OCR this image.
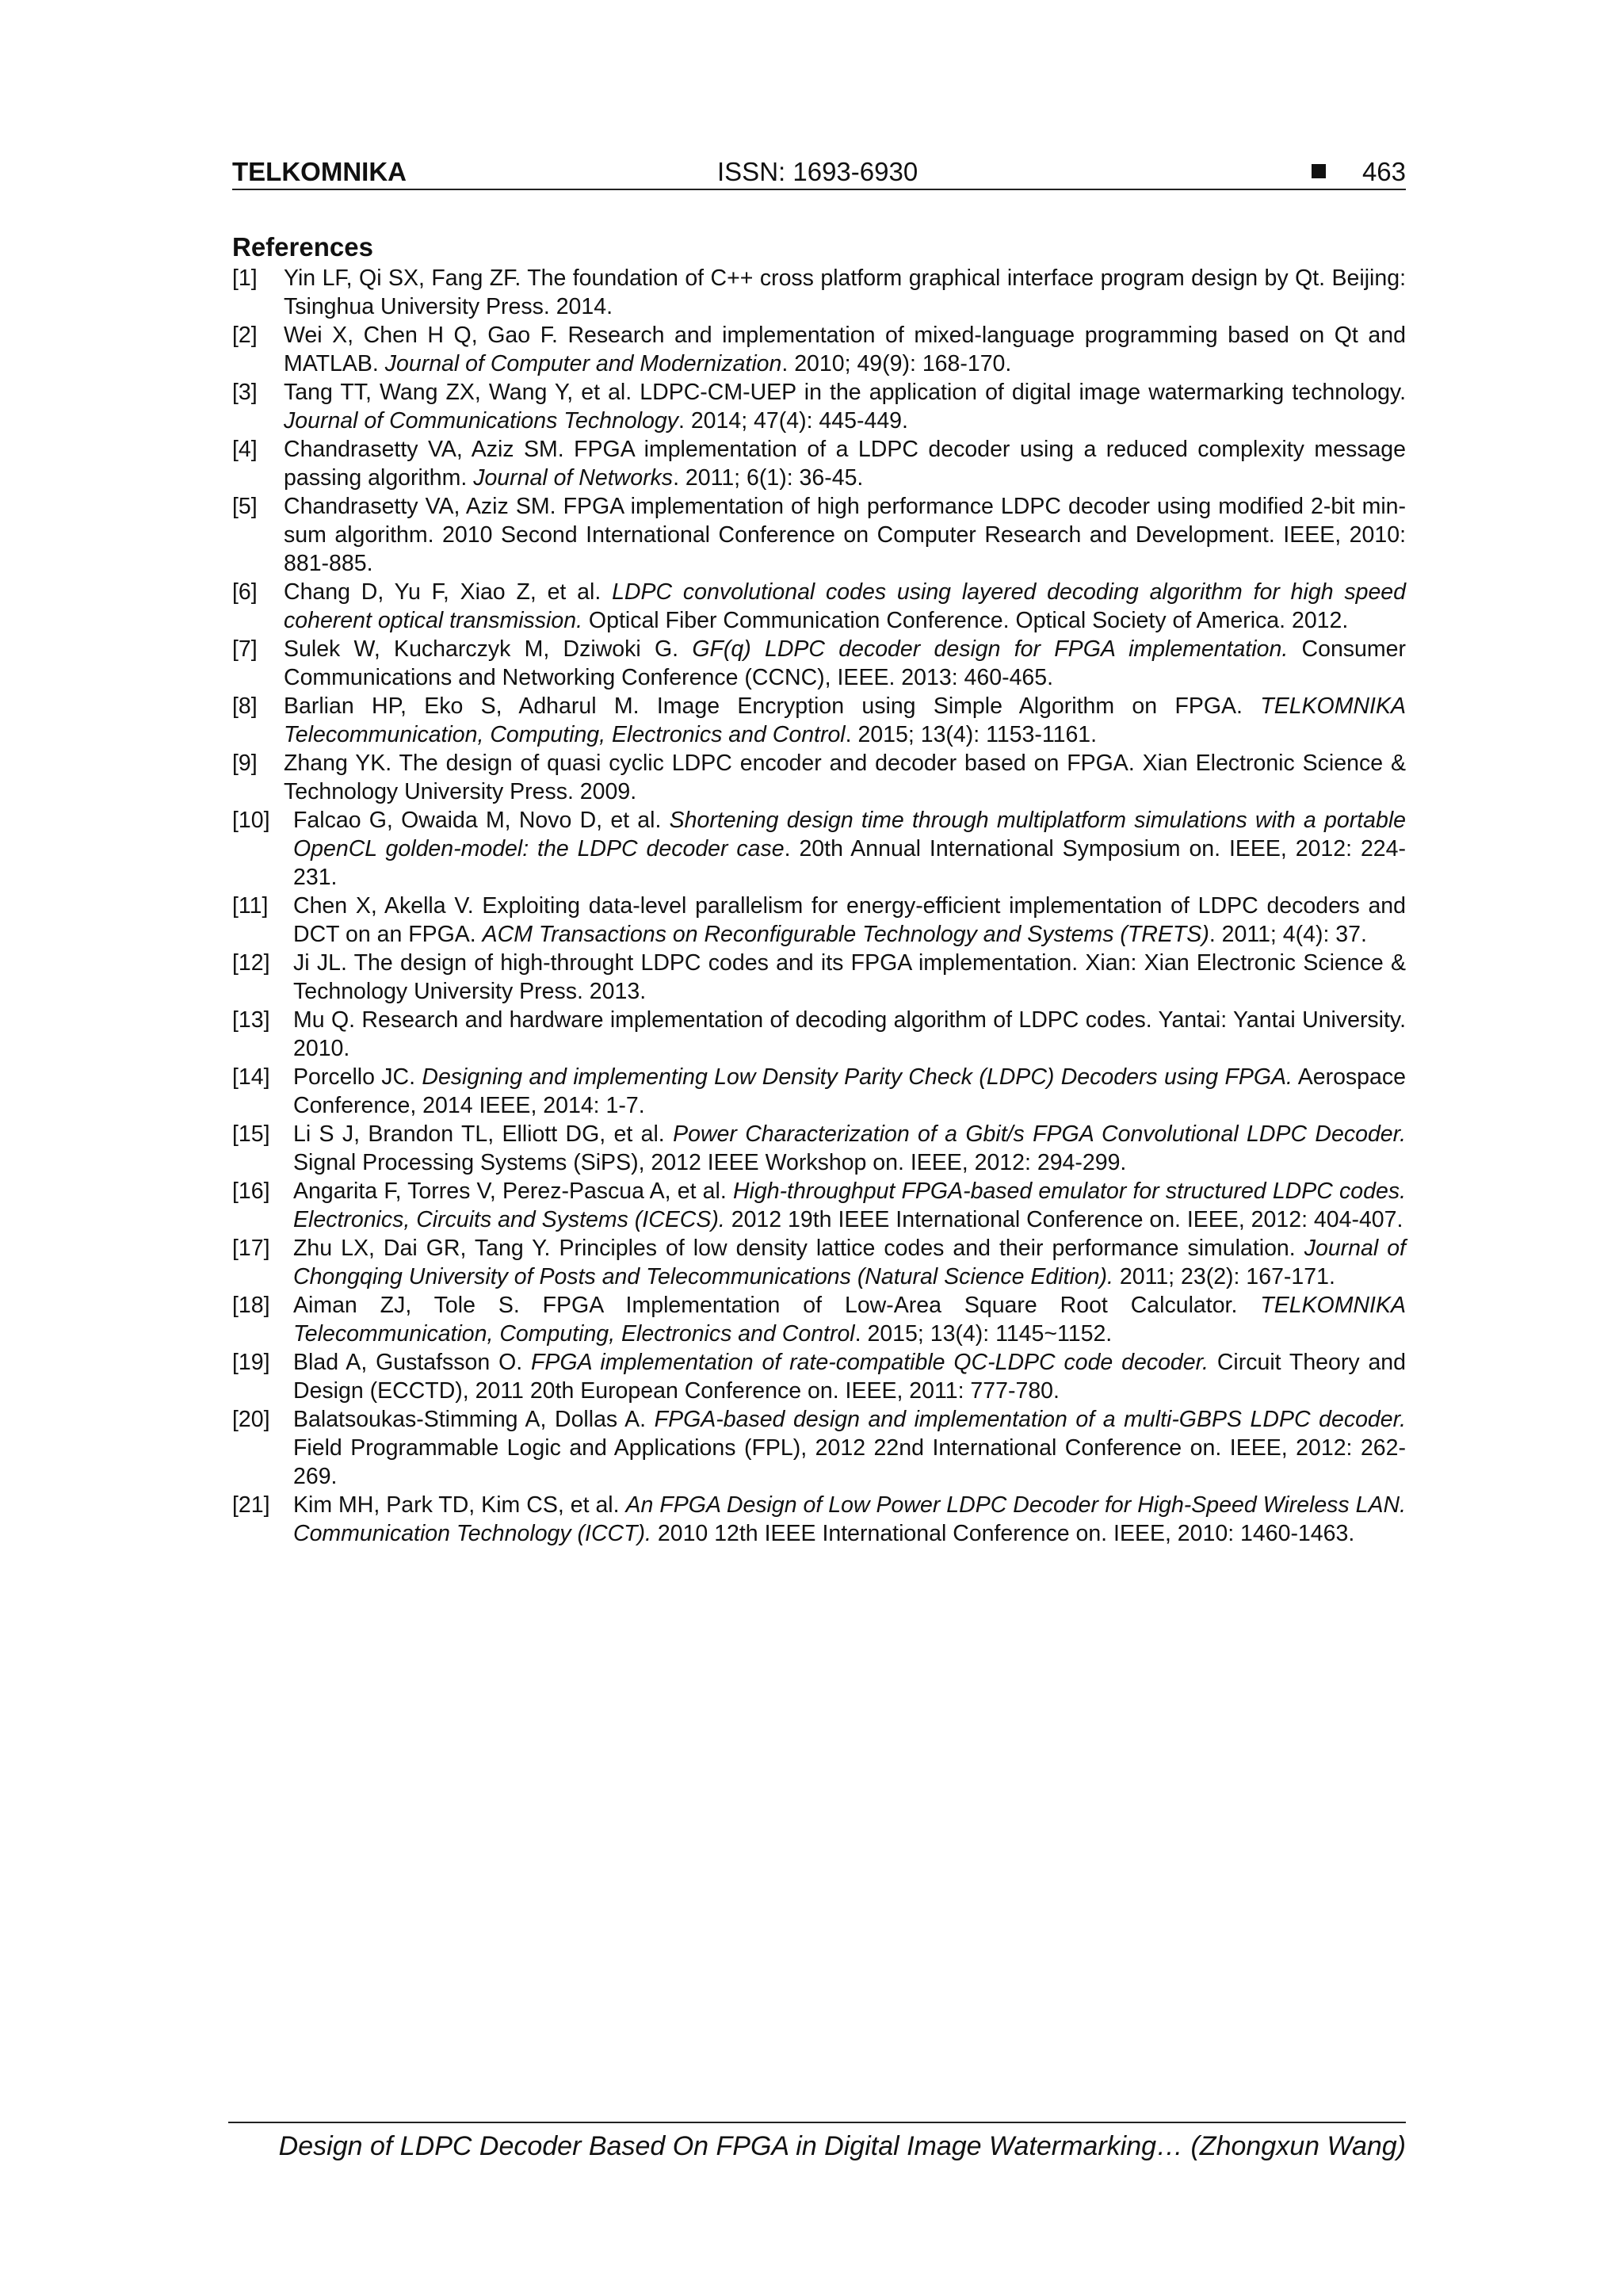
TELKOMNIKA	ISSN: 1693-6930	463
References
[1]	Yin LF, Qi SX, Fang ZF. The foundation of C++ cross platform graphical interface program design by Qt. Beijing: Tsinghua University Press. 2014.
[2]	Wei X, Chen H Q, Gao F. Research and implementation of mixed-language programming based on Qt and MATLAB. Journal of Computer and Modernization. 2010; 49(9): 168-170.
[3]	Tang TT, Wang ZX, Wang Y, et al. LDPC-CM-UEP in the application of digital image watermarking technology. Journal of Communications Technology. 2014; 47(4): 445-449.
[4]	Chandrasetty VA, Aziz SM. FPGA implementation of a LDPC decoder using a reduced complexity message passing algorithm. Journal of Networks. 2011; 6(1): 36-45.
[5]	Chandrasetty VA, Aziz SM. FPGA implementation of high performance LDPC decoder using modified 2-bit min-sum algorithm. 2010 Second International Conference on Computer Research and Development. IEEE, 2010: 881-885.
[6]	Chang D, Yu F, Xiao Z, et al. LDPC convolutional codes using layered decoding algorithm for high speed coherent optical transmission. Optical Fiber Communication Conference. Optical Society of America. 2012.
[7]	Sulek W, Kucharczyk M, Dziwoki G. GF(q) LDPC decoder design for FPGA implementation. Consumer Communications and Networking Conference (CCNC), IEEE. 2013: 460-465.
[8]	Barlian HP, Eko S, Adharul M. Image Encryption using Simple Algorithm on FPGA. TELKOMNIKA Telecommunication, Computing, Electronics and Control. 2015; 13(4): 1153-1161.
[9]	Zhang YK. The design of quasi cyclic LDPC encoder and decoder based on FPGA. Xian Electronic Science & Technology University Press. 2009.
[10]	Falcao G, Owaida M, Novo D, et al. Shortening design time through multiplatform simulations with a portable OpenCL golden-model: the LDPC decoder case. 20th Annual International Symposium on. IEEE, 2012: 224-231.
[11]	Chen X, Akella V. Exploiting data-level parallelism for energy-efficient implementation of LDPC decoders and DCT on an FPGA. ACM Transactions on Reconfigurable Technology and Systems (TRETS). 2011; 4(4): 37.
[12]	Ji JL. The design of high-throught LDPC codes and its FPGA implementation. Xian: Xian Electronic Science & Technology University Press. 2013.
[13]	Mu Q. Research and hardware implementation of decoding algorithm of LDPC codes. Yantai: Yantai University. 2010.
[14]	Porcello JC. Designing and implementing Low Density Parity Check (LDPC) Decoders using FPGA. Aerospace Conference, 2014 IEEE, 2014: 1-7.
[15]	Li S J, Brandon TL, Elliott DG, et al. Power Characterization of a Gbit/s FPGA Convolutional LDPC Decoder. Signal Processing Systems (SiPS), 2012 IEEE Workshop on. IEEE, 2012: 294-299.
[16]	Angarita F, Torres V, Perez-Pascua A, et al. High-throughput FPGA-based emulator for structured LDPC codes. Electronics, Circuits and Systems (ICECS). 2012 19th IEEE International Conference on. IEEE, 2012: 404-407.
[17]	Zhu LX, Dai GR, Tang Y. Principles of low density lattice codes and their performance simulation. Journal of Chongqing University of Posts and Telecommunications (Natural Science Edition). 2011; 23(2): 167-171.
[18]	Aiman ZJ, Tole S. FPGA Implementation of Low-Area Square Root Calculator. TELKOMNIKA Telecommunication, Computing, Electronics and Control. 2015; 13(4): 1145~1152.
[19]	Blad A, Gustafsson O. FPGA implementation of rate-compatible QC-LDPC code decoder. Circuit Theory and Design (ECCTD), 2011 20th European Conference on. IEEE, 2011: 777-780.
[20]	Balatsoukas-Stimming A, Dollas A. FPGA-based design and implementation of a multi-GBPS LDPC decoder. Field Programmable Logic and Applications (FPL), 2012 22nd International Conference on. IEEE, 2012: 262-269.
[21]	Kim MH, Park TD, Kim CS, et al. An FPGA Design of Low Power LDPC Decoder for High-Speed Wireless LAN. Communication Technology (ICCT). 2010 12th IEEE International Conference on. IEEE, 2010: 1460-1463.
Design of LDPC Decoder Based On FPGA in Digital Image Watermarking… (Zhongxun Wang)
